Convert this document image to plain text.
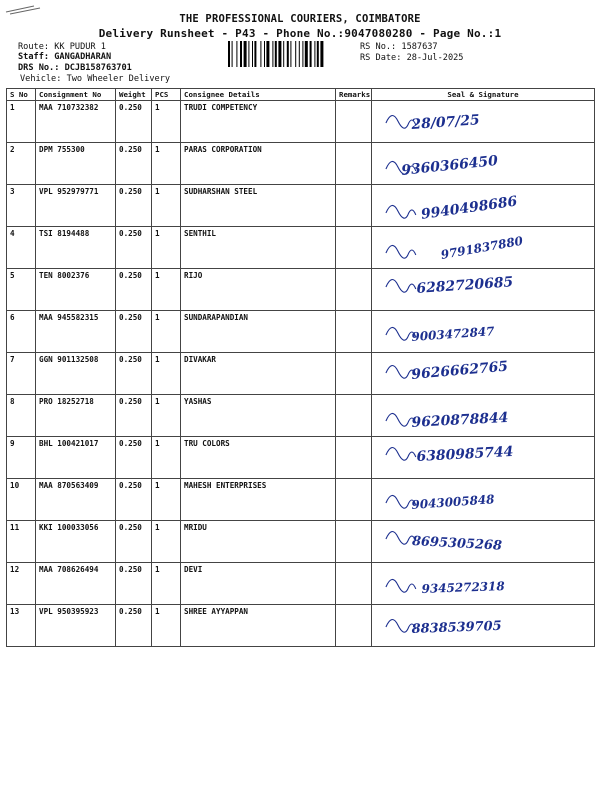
THE PROFESSIONAL COURIERS, COIMBATORE
Delivery Runsheet - P43 - Phone No.:9047080280 - Page No.:1
Route: KK PUDUR 1
Staff: GANGADHARAN
DRS No.: DCJB158763701
Vehicle: Two Wheeler Delivery
RS No.: 1587637
RS Date: 28-Jul-2025
S No	Consignment No	Weight	PCS	Consignee Details	Remarks	Seal & Signature
1	MAA 710732382	0.250	1	TRUDI COMPETENCY		28/07/25

2	DPM 755300	0.250	1	PARAS CORPORATION		9360366450

3	VPL 952979771	0.250	1	SUDHARSHAN STEEL		9940498686

4	TSI 8194488	0.250	1	SENTHIL		9791837880

5	TEN 8002376	0.250	1	RIJO		6282720685

6	MAA 945582315	0.250	1	SUNDARAPANDIAN		9003472847

7	GGN 901132508	0.250	1	DIVAKAR		9626662765

8	PRO 18252718	0.250	1	YASHAS		9620878844

9	BHL 100421017	0.250	1	TRU COLORS		6380985744

10	MAA 870563409	0.250	1	MAHESH ENTERPRISES		9043005848

11	KKI 100033056	0.250	1	MRIDU		8695305268

12	MAA 708626494	0.250	1	DEVI		9345272318

13	VPL 950395923	0.250	1	SHREE AYYAPPAN		8838539705
